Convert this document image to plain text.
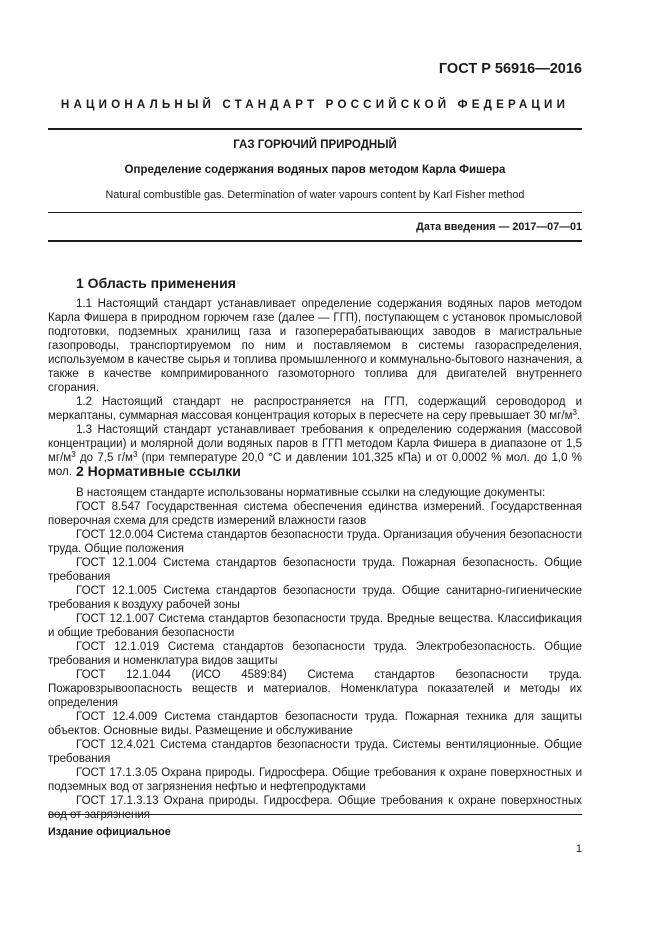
ГОСТ Р 56916—2016
НАЦИОНАЛЬНЫЙ СТАНДАРТ РОССИЙСКОЙ ФЕДЕРАЦИИ
ГАЗ ГОРЮЧИЙ ПРИРОДНЫЙ
Определение содержания водяных паров методом Карла Фишера
Natural combustible gas. Determination of water vapours content by Karl Fisher method
Дата введения — 2017—07—01
1 Область применения

1.1 Настоящий стандарт устанавливает определение содержания водяных паров методом Карла Фишера в природном горючем газе (далее — ГГП), поступающем с установок промысловой подготовки, подземных хранилищ газа и газоперерабатывающих заводов в магистральные газопроводы, транспортируемом по ним и поставляемом в системы газораспределения, используемом в качестве сырья и топлива промышленного и коммунально-бытового назначения, а также в качестве компримированного газомоторного топлива для двигателей внутреннего сгорания.

1.2 Настоящий стандарт не распространяется на ГГП, содержащий сероводород и меркаптаны, суммарная массовая концентрация которых в пересчете на серу превышает 30 $мг/м^3$.

1.3 Настоящий стандарт устанавливает требования к определению содержания (массовой концентрации) и молярной доли водяных паров в ГГП методом Карла Фишера в диапазоне от 1,5 $мг/м^3$ до 7,5 $г/м^3$ (при температуре 20,0 °С и давлении 101,325 кПа) и от 0,0002 % мол. до 1,0 % мол. 2 Нормативные ссылки

В настоящем стандарте использованы нормативные ссылки на следующие документы:

ГОСТ 8.547 Государственная система обеспечения единства измерений. Государственная поверочная схема для средств измерений влажности газов

ГОСТ 12.0.004 Система стандартов безопасности труда. Организация обучения безопасности труда. Общие положения

ГОСТ 12.1.004 Система стандартов безопасности труда. Пожарная безопасность. Общие требования

ГОСТ 12.1.005 Система стандартов безопасности труда. Общие санитарно-гигиенические требования к воздуху рабочей зоны

ГОСТ 12.1.007 Система стандартов безопасности труда. Вредные вещества. Классификация и общие требования безопасности

ГОСТ 12.1.019 Система стандартов безопасности труда. Электробезопасность. Общие требования и номенклатура видов защиты

ГОСТ 12.1.044 (ИСО 4589:84) Система стандартов безопасности труда. Пожаровзрывоопасность веществ и материалов. Номенклатура показателей и методы их определения

ГОСТ 12.4.009 Система стандартов безопасности труда. Пожарная техника для защиты объектов. Основные виды. Размещение и обслуживание

ГОСТ 12.4.021 Система стандартов безопасности труда. Системы вентиляционные. Общие требования

ГОСТ 17.1.3.05 Охрана природы. Гидросфера. Общие требования к охране поверхностных и подземных вод от загрязнения нефтью и нефтепродуктами

ГОСТ 17.1.3.13 Охрана природы. Гидросфера. Общие требования к охране поверхностных вод от загрязнения

Издание официальное
1
